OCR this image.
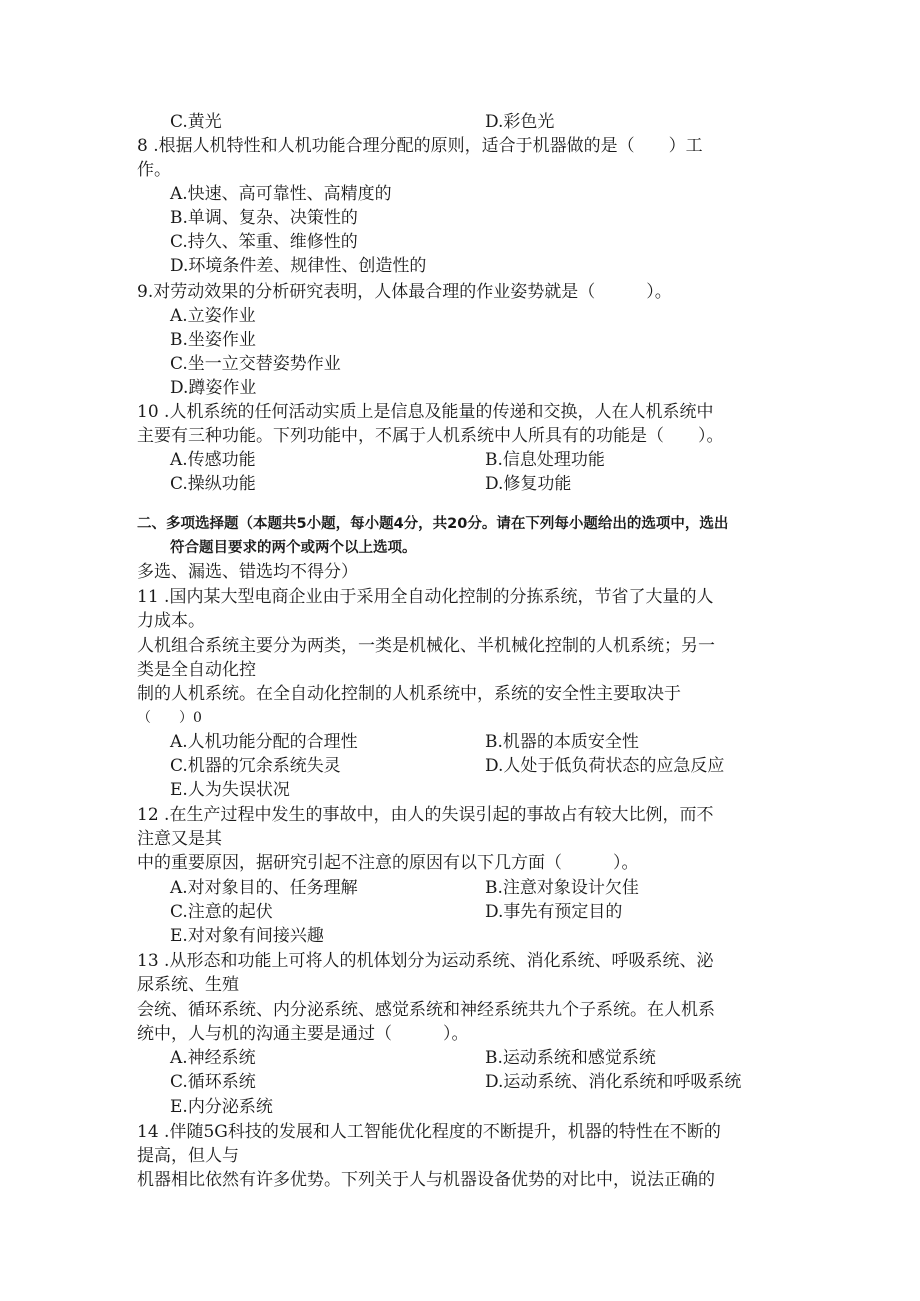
C.黄光	D.彩色光
8 .根据人机特性和人机功能合理分配的原则，适合于机器做的是（　　）工
作。
A.快速、高可靠性、高精度的
B.单调、复杂、决策性的
C.持久、笨重、维修性的
D.环境条件差、规律性、创造性的
9.对劳动效果的分析研究表明，人体最合理的作业姿势就是（　　　）。
A.立姿作业
B.坐姿作业
C.坐一立交替姿势作业
D.蹲姿作业
10 .人机系统的任何活动实质上是信息及能量的传递和交换，人在人机系统中
主要有三种功能。下列功能中，不属于人机系统中人所具有的功能是（　　）。
A.传感功能	B.信息处理功能
C.操纵功能	D.修复功能
二、多项选择题（本题共5小题，每小题4分，共20分。请在下列每小题给出的选项中，选出
符合题目要求的两个或两个以上选项。
多选、漏选、错选均不得分）
11 .国内某大型电商企业由于采用全自动化控制的分拣系统，节省了大量的人
力成本。
人机组合系统主要分为两类，一类是机械化、半机械化控制的人机系统；另一
类是全自动化控
制的人机系统。在全自动化控制的人机系统中，系统的安全性主要取决于
（　　）0
A.人机功能分配的合理性	B.机器的本质安全性
C.机器的冗余系统失灵	D.人处于低负荷状态的应急反应
E.人为失误状况
12 .在生产过程中发生的事故中，由人的失误引起的事故占有较大比例，而不
注意又是其
中的重要原因，据研究引起不注意的原因有以下几方面（　　　）。
A.对对象目的、任务理解	B.注意对象设计欠佳
C.注意的起伏	D.事先有预定目的
E.对对象有间接兴趣
13 .从形态和功能上可将人的机体划分为运动系统、消化系统、呼吸系统、泌
尿系统、生殖
会统、循环系统、内分泌系统、感觉系统和神经系统共九个子系统。在人机系
统中，人与机的沟通主要是通过（　　　）。
A.神经系统	B.运动系统和感觉系统
C.循环系统	D.运动系统、消化系统和呼吸系统
E.内分泌系统
14 .伴随5G科技的发展和人工智能优化程度的不断提升，机器的特性在不断的
提高，但人与
机器相比依然有许多优势。下列关于人与机器设备优势的对比中，说法正确的
